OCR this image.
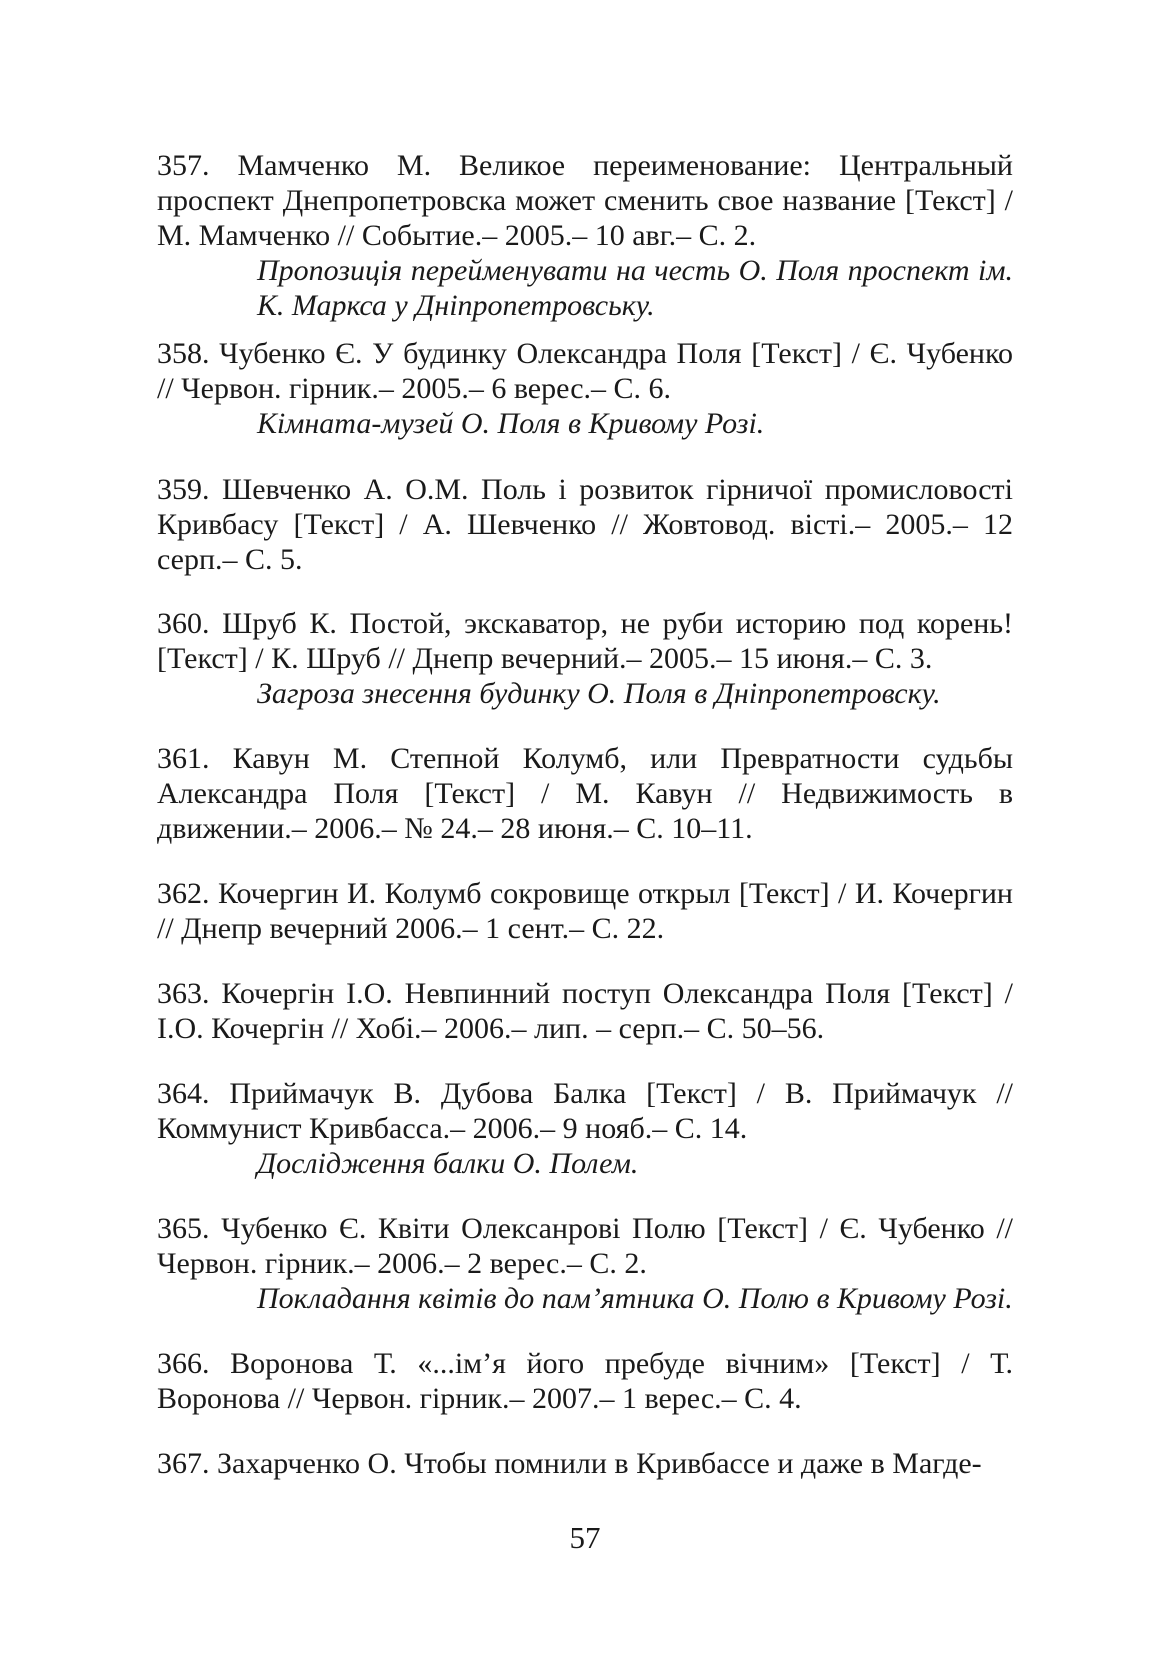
357. Мамченко М. Великое переименование: Центральный проспект Днепропетровска может сменить свое название [Текст] / М. Мамченко // Событие.– 2005.– 10 авг.– С. 2.

Пропозиція перейменувати на честь О. Поля проспект ім. К. Маркса у Дніпропетровську.

358. Чубенко Є. У будинку Олександра Поля [Текст] / Є. Чубенко // Червон. гірник.– 2005.– 6 верес.– С. 6.

Кімната-музей О. Поля в Кривому Розі.

359. Шевченко А. О.М. Поль і розвиток гірничої промисловості Кривбасу [Текст] / А. Шевченко // Жовтовод. вісті.– 2005.– 12 серп.– С. 5.

360. Шруб К. Постой, экскаватор, не руби историю под корень! [Текст] / К. Шруб // Днепр вечерний.– 2005.– 15 июня.– С. 3.

Загроза знесення будинку О. Поля в Дніпропетровску.

361. Кавун М. Степной Колумб, или Превратности судьбы Александра Поля [Текст] / М. Кавун // Недвижимость в движении.– 2006.– № 24.– 28 июня.– С. 10–11.

362. Кочергин И. Колумб сокровище открыл [Текст] / И. Кочергин // Днепр вечерний 2006.– 1 сент.– С. 22.

363. Кочергін І.О. Невпинний поступ Олександра Поля [Текст] / І.О. Кочергін // Хобі.– 2006.– лип. – серп.– С. 50–56.

364. Приймачук В. Дубова Балка [Текст] / В. Приймачук // Коммунист Кривбасса.– 2006.– 9 нояб.– С. 14.

Дослідження балки О. Полем.

365. Чубенко Є. Квіти Олексанрові Полю [Текст] / Є. Чубенко // Червон. гірник.– 2006.– 2 верес.– С. 2.

Покладання квітів до пам’ятника О. Полю в Кривому Розі.

366. Воронова Т. «...ім’я його пребуде вічним» [Текст] / Т. Воронова // Червон. гірник.– 2007.– 1 верес.– С. 4.

367. Захарченко О. Чтобы помнили в Кривбассе и даже в Магде-

57
